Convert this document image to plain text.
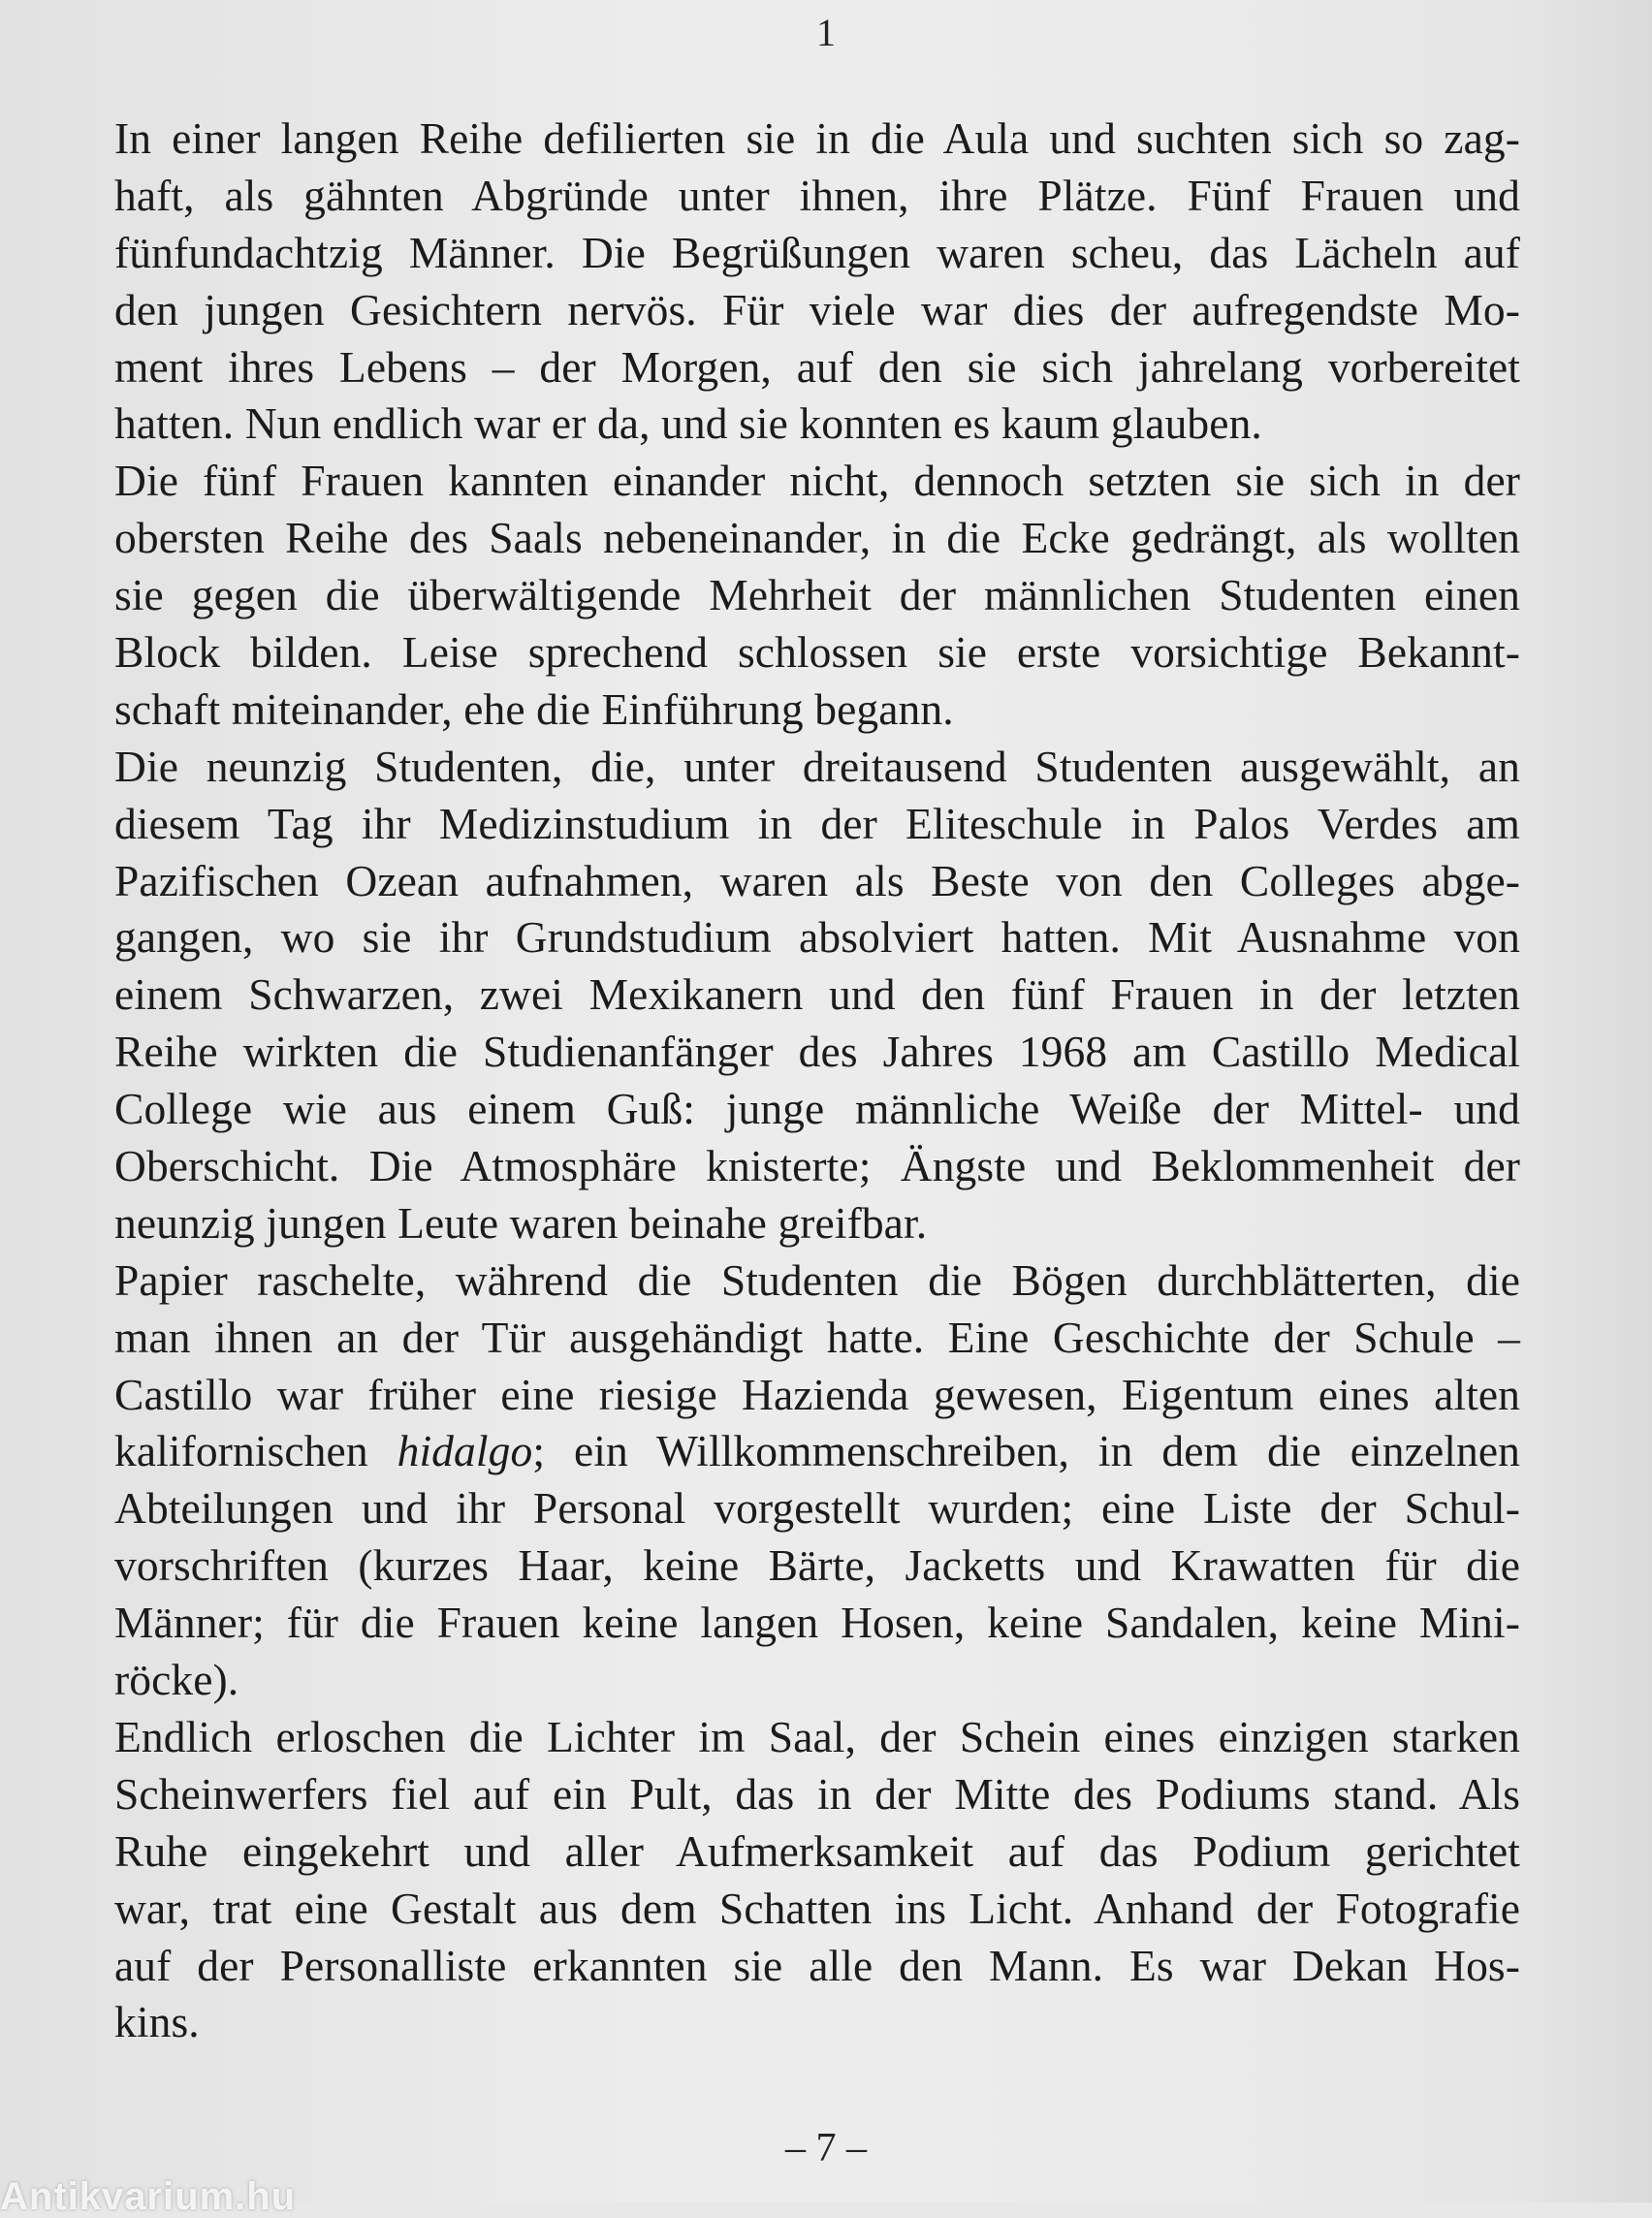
1
In einer langen Reihe defilierten sie in die Aula und suchten sich so zag-
haft, als gähnten Abgründe unter ihnen, ihre Plätze. Fünf Frauen und
fünfundachtzig Männer. Die Begrüßungen waren scheu, das Lächeln auf
den jungen Gesichtern nervös. Für viele war dies der aufregendste Mo-
ment ihres Lebens – der Morgen, auf den sie sich jahrelang vorbereitet
hatten. Nun endlich war er da, und sie konnten es kaum glauben.
Die fünf Frauen kannten einander nicht, dennoch setzten sie sich in der
obersten Reihe des Saals nebeneinander, in die Ecke gedrängt, als wollten
sie gegen die überwältigende Mehrheit der männlichen Studenten einen
Block bilden. Leise sprechend schlossen sie erste vorsichtige Bekannt-
schaft miteinander, ehe die Einführung begann.
Die neunzig Studenten, die, unter dreitausend Studenten ausgewählt, an
diesem Tag ihr Medizinstudium in der Eliteschule in Palos Verdes am
Pazifischen Ozean aufnahmen, waren als Beste von den Colleges abge-
gangen, wo sie ihr Grundstudium absolviert hatten. Mit Ausnahme von
einem Schwarzen, zwei Mexikanern und den fünf Frauen in der letzten
Reihe wirkten die Studienanfänger des Jahres 1968 am Castillo Medical
College wie aus einem Guß: junge männliche Weiße der Mittel- und
Oberschicht. Die Atmosphäre knisterte; Ängste und Beklommenheit der
neunzig jungen Leute waren beinahe greifbar.
Papier raschelte, während die Studenten die Bögen durchblätterten, die
man ihnen an der Tür ausgehändigt hatte. Eine Geschichte der Schule –
Castillo war früher eine riesige Hazienda gewesen, Eigentum eines alten
kalifornischen hidalgo; ein Willkommenschreiben, in dem die einzelnen
Abteilungen und ihr Personal vorgestellt wurden; eine Liste der Schul-
vorschriften (kurzes Haar, keine Bärte, Jacketts und Krawatten für die
Männer; für die Frauen keine langen Hosen, keine Sandalen, keine Mini-
röcke).
Endlich erloschen die Lichter im Saal, der Schein eines einzigen starken
Scheinwerfers fiel auf ein Pult, das in der Mitte des Podiums stand. Als
Ruhe eingekehrt und aller Aufmerksamkeit auf das Podium gerichtet
war, trat eine Gestalt aus dem Schatten ins Licht. Anhand der Fotografie
auf der Personalliste erkannten sie alle den Mann. Es war Dekan Hos-
kins.
– 7 –
Antikvarium.hu
